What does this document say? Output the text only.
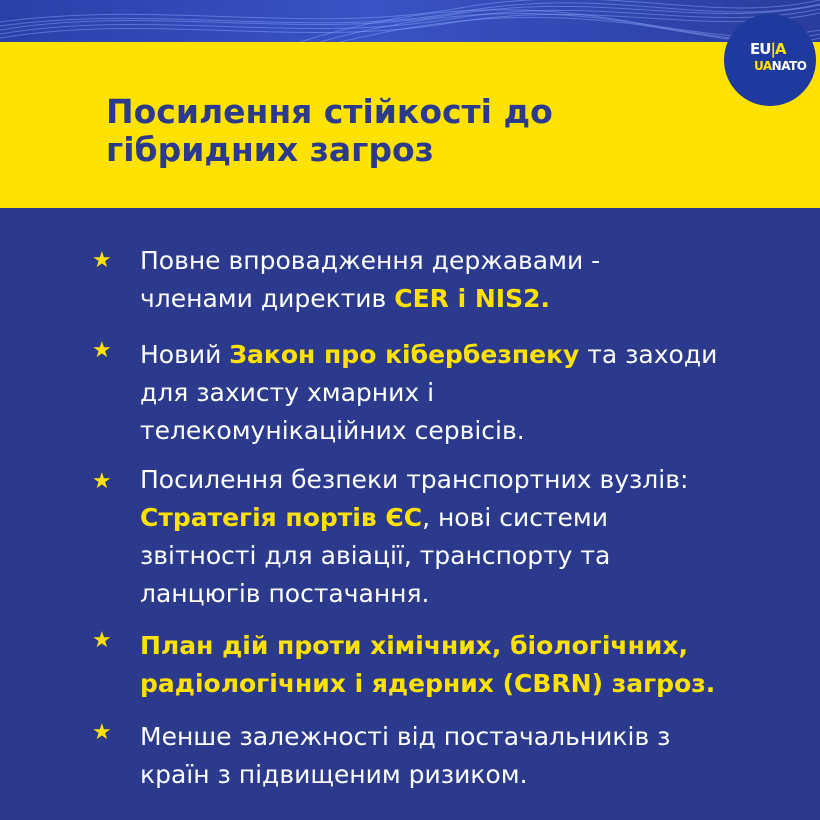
Посилення стійкості до
гібридних загроз
EU|A
UANATO
★ Повне впровадження державами -
членами директив CER і NIS2.
★ Новий Закон про кібербезпеку та заходи
для захисту хмарних і
телекомунікаційних сервісів.
★ Посилення безпеки транспортних вузлів:
Стратегія портів ЄС, нові системи
звітності для авіації, транспорту та
ланцюгів постачання.
★ План дій проти хімічних, біологічних,
радіологічних і ядерних (CBRN) загроз.
★ Менше залежності від постачальників з
країн з підвищеним ризиком.
